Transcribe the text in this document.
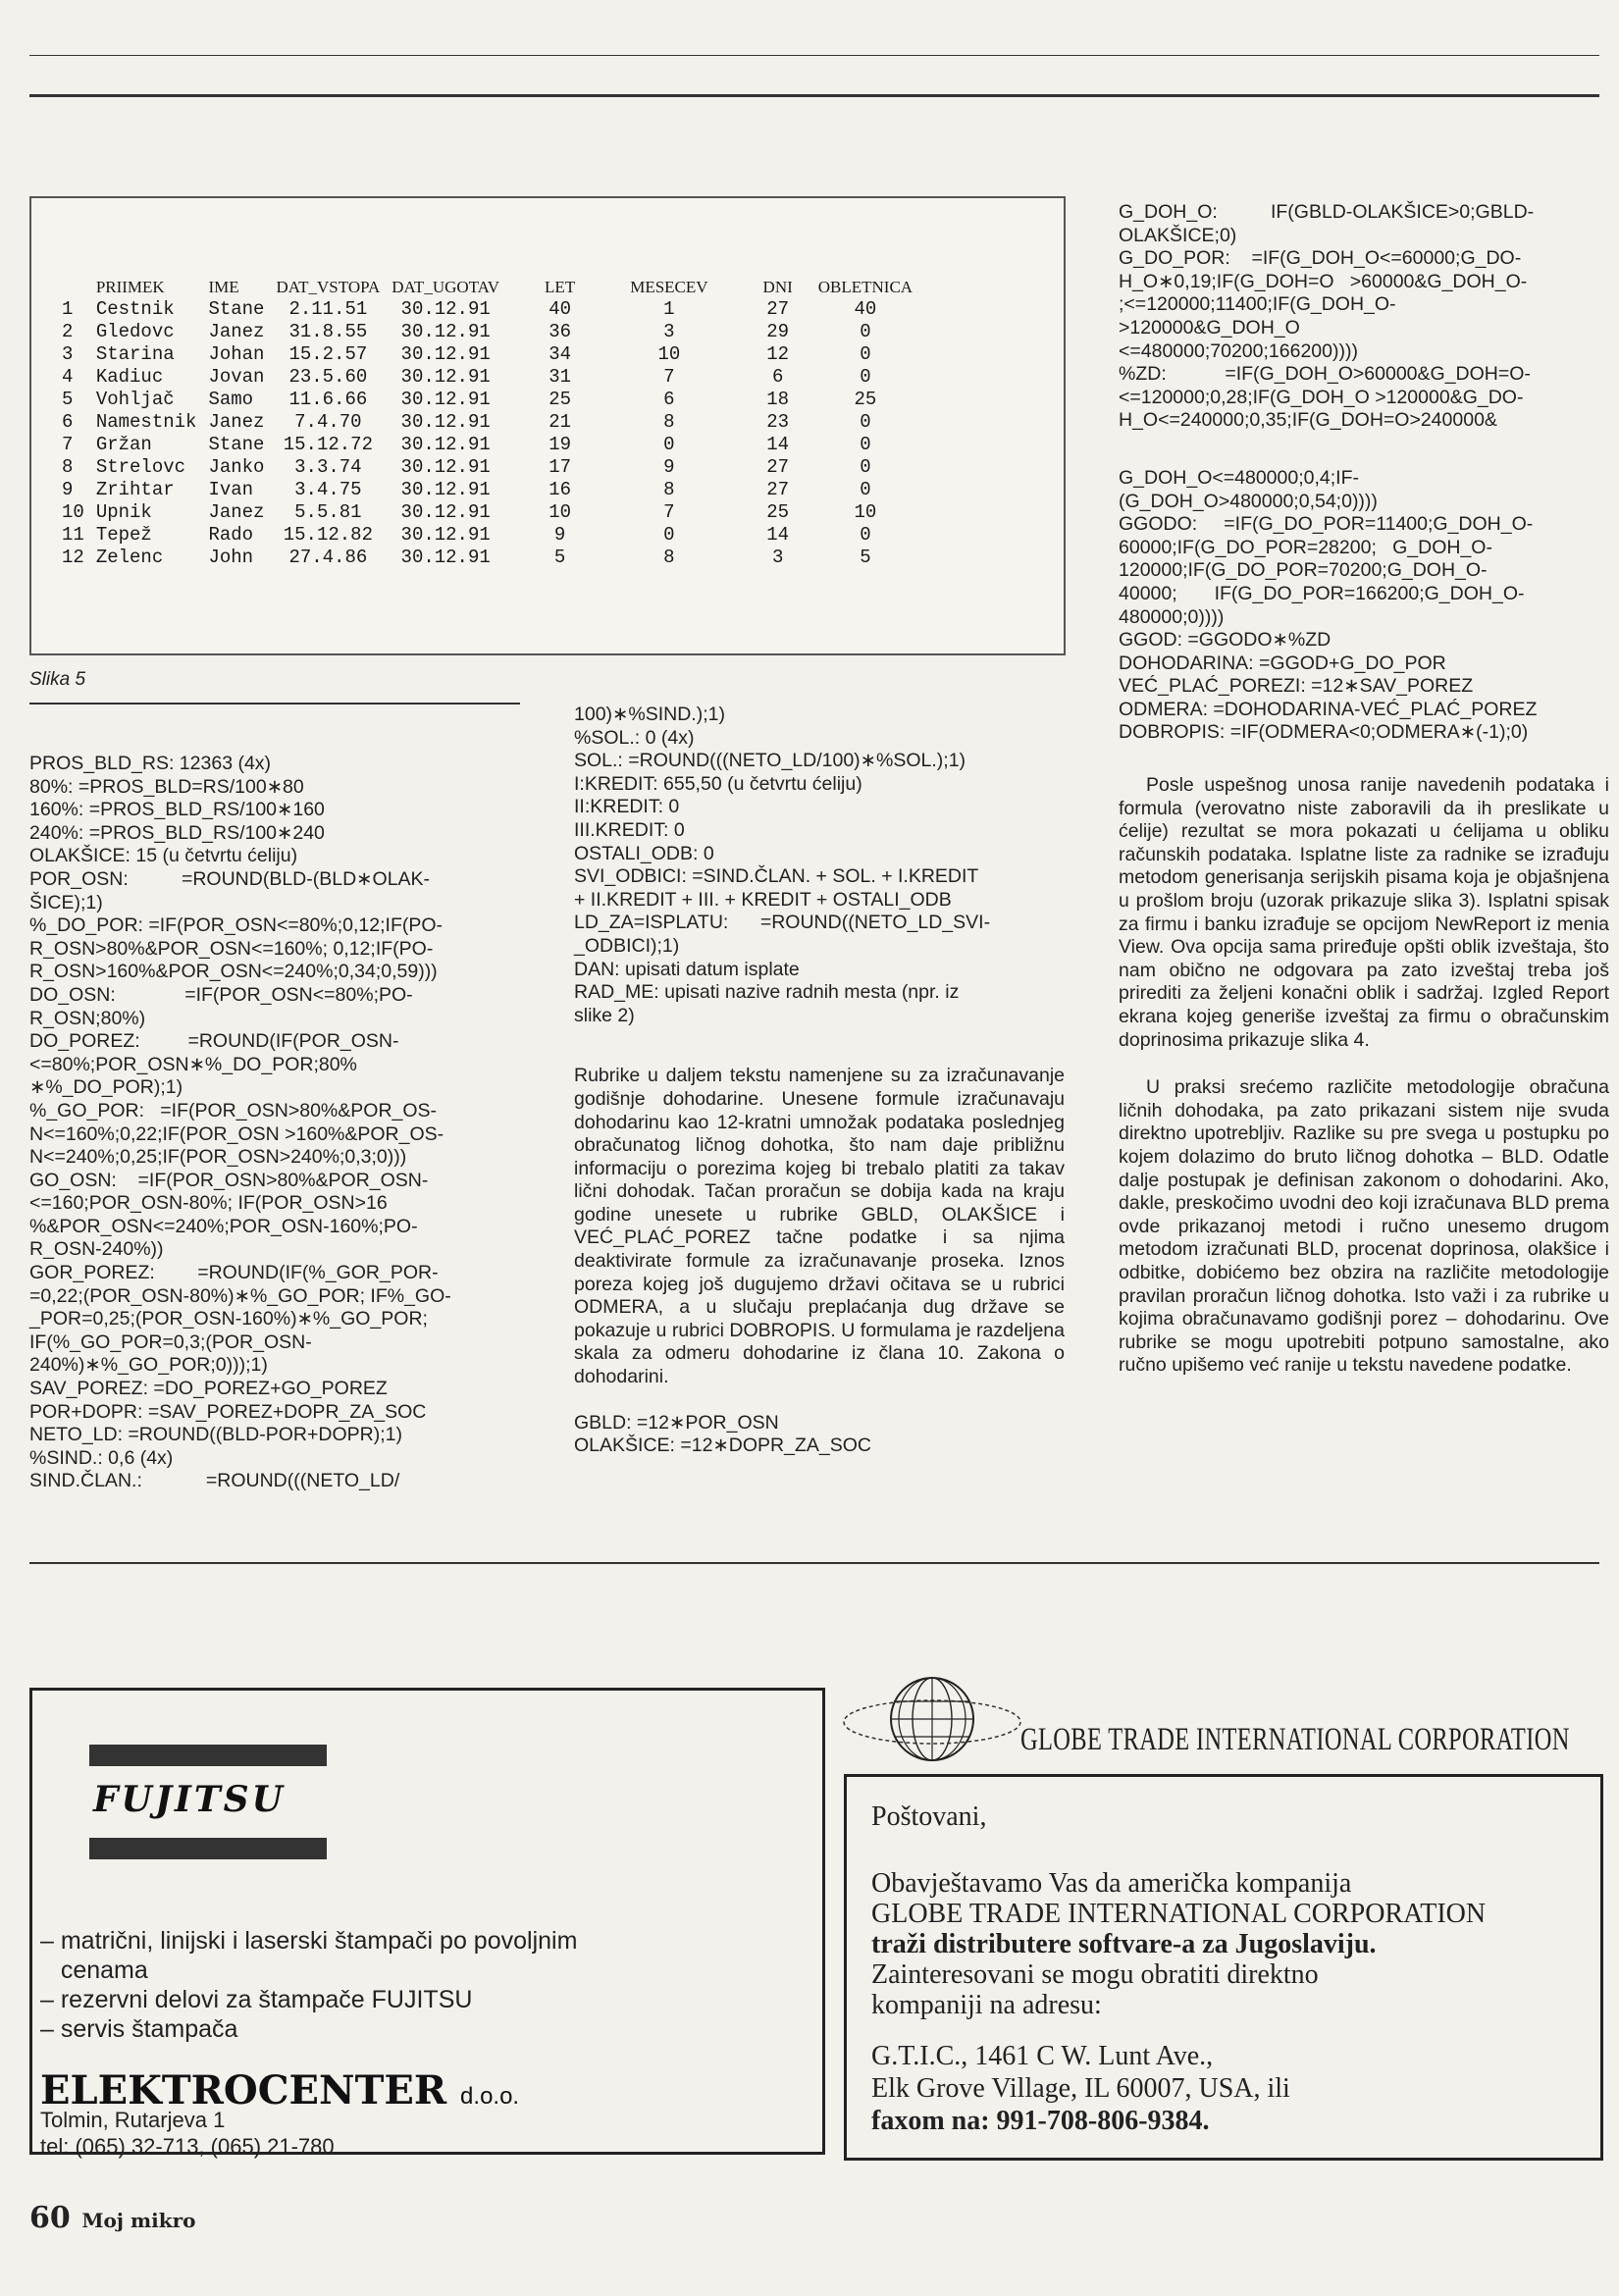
	PRIIMEK	IME	DAT_VSTOPA	DAT_UGOTAV	LET	MESECEV	DNI	OBLETNICA
1	Cestnik	Stane	2.11.51	30.12.91	40	1	27	40
2	Gledovc	Janez	31.8.55	30.12.91	36	3	29	0
3	Starina	Johan	15.2.57	30.12.91	34	10	12	0
4	Kadiuc	Jovan	23.5.60	30.12.91	31	7	6	0
5	Vohljač	Samo	11.6.66	30.12.91	25	6	18	25
6	Namestnik	Janez	7.4.70	30.12.91	21	8	23	0
7	Gržan	Stane	15.12.72	30.12.91	19	0	14	0
8	Strelovc	Janko	3.3.74	30.12.91	17	9	27	0
9	Zrihtar	Ivan	3.4.75	30.12.91	16	8	27	0
10	Upnik	Janez	5.5.81	30.12.91	10	7	25	10
11	Tepež	Rado	15.12.82	30.12.91	9	0	14	0
12	Zelenc	John	27.4.86	30.12.91	5	8	3	5
Slika 5
PROS_BLD_RS: 12363 (4x)
80%: =PROS_BLD=RS/100∗80
160%: =PROS_BLD_RS/100∗160
240%: =PROS_BLD_RS/100∗240
OLAKŠICE: 15 (u četvrtu ćeliju)
POR_OSN:          =ROUND(BLD-(BLD∗OLAK-
ŠICE);1)
%_DO_POR: =IF(POR_OSN<=80%;0,12;IF(PO-
R_OSN>80%&POR_OSN<=160%; 0,12;IF(PO-
R_OSN>160%&POR_OSN<=240%;0,34;0,59)))
DO_OSN:             =IF(POR_OSN<=80%;PO-
R_OSN;80%)
DO_POREZ:         =ROUND(IF(POR_OSN-
<=80%;POR_OSN∗%_DO_POR;80%
∗%_DO_POR);1)
%_GO_POR:   =IF(POR_OSN>80%&POR_OS-
N<=160%;0,22;IF(POR_OSN >160%&POR_OS-
N<=240%;0,25;IF(POR_OSN>240%;0,3;0)))
GO_OSN:    =IF(POR_OSN>80%&POR_OSN-
<=160;POR_OSN-80%; IF(POR_OSN>16
%&POR_OSN<=240%;POR_OSN-160%;PO-
R_OSN-240%))
GOR_POREZ:        =ROUND(IF(%_GOR_POR-
=0,22;(POR_OSN-80%)∗%_GO_POR; IF%_GO-
_POR=0,25;(POR_OSN-160%)∗%_GO_POR;
IF(%_GO_POR=0,3;(POR_OSN-
240%)∗%_GO_POR;0)));1)
SAV_POREZ: =DO_POREZ+GO_POREZ
POR+DOPR: =SAV_POREZ+DOPR_ZA_SOC
NETO_LD: =ROUND((BLD-POR+DOPR);1)
%SIND.: 0,6 (4x)
SIND.ČLAN.:            =ROUND(((NETO_LD/
100)∗%SIND.);1)
%SOL.: 0 (4x)
SOL.: =ROUND(((NETO_LD/100)∗%SOL.);1)
I:KREDIT: 655,50 (u četvrtu ćeliju)
II:KREDIT: 0
III.KREDIT: 0
OSTALI_ODB: 0
SVI_ODBICI: =SIND.ČLAN. + SOL. + I.KREDIT
+ II.KREDIT + III. + KREDIT + OSTALI_ODB
LD_ZA=ISPLATU:      =ROUND((NETO_LD_SVI-
_ODBICI);1)
DAN: upisati datum isplate
RAD_ME: upisati nazive radnih mesta (npr. iz
slike 2)
Rubrike u daljem tekstu namenjene su za izračunavanje godišnje dohodarine. Unesene formule izračunavaju dohodarinu kao 12-kratni umnožak podataka poslednjeg obračunatog ličnog dohotka, što nam daje približnu informaciju o porezima kojeg bi trebalo platiti za takav lični dohodak. Tačan proračun se dobija kada na kraju godine unesete u rubrike GBLD, OLAKŠICE i VEĆ_PLAĆ_POREZ tačne podatke i sa njima deaktivirate formule za izračunavanje proseka. Iznos poreza kojeg još dugujemo državi očitava se u rubrici ODMERA, a u slučaju preplaćanja dug države se pokazuje u rubrici DOBROPIS. U formulama je razdeljena skala za odmeru dohodarine iz člana 10. Zakona o dohodarini.
GBLD: =12∗POR_OSN
OLAKŠICE: =12∗DOPR_ZA_SOC
G_DOH_O:          IF(GBLD-OLAKŠICE>0;GBLD-
OLAKŠICE;0)
G_DO_POR:    =IF(G_DOH_O<=60000;G_DO-
H_O∗0,19;IF(G_DOH=O   >60000&G_DOH_O-
;<=120000;11400;IF(G_DOH_O-
>120000&G_DOH_O
<=480000;70200;166200))))
%ZD:           =IF(G_DOH_O>60000&G_DOH=O-
<=120000;0,28;IF(G_DOH_O >120000&G_DO-
H_O<=240000;0,35;IF(G_DOH=O>240000&
G_DOH_O<=480000;0,4;IF-
(G_DOH_O>480000;0,54;0))))
GGODO:     =IF(G_DO_POR=11400;G_DOH_O-
60000;IF(G_DO_POR=28200;   G_DOH_O-
120000;IF(G_DO_POR=70200;G_DOH_O-
40000;       IF(G_DO_POR=166200;G_DOH_O-
480000;0))))
GGOD: =GGODO∗%ZD
DOHODARINA: =GGOD+G_DO_POR
VEĆ_PLAĆ_POREZI: =12∗SAV_POREZ
ODMERA: =DOHODARINA-VEĆ_PLAĆ_POREZ
DOBROPIS: =IF(ODMERA<0;ODMERA∗(-1);0)
Posle uspešnog unosa ranije navedenih podataka i formula (verovatno niste zaboravili da ih preslikate u ćelije) rezultat se mora pokazati u ćelijama u obliku računskih podataka. Isplatne liste za radnike se izrađuju metodom generisanja serijskih pisama koja je objašnjena u prošlom broju (uzorak prikazuje slika 3). Isplatni spisak za firmu i banku izrađuje se opcijom NewReport iz menia View. Ova opcija sama priređuje opšti oblik izveštaja, što nam obično ne odgovara pa zato izveštaj treba još prirediti za željeni konačni oblik i sadržaj. Izgled Report ekrana kojeg generiše izveštaj za firmu o obračunskim doprinosima prikazuje slika 4.
U praksi srećemo različite metodologije obračuna ličnih dohodaka, pa zato prikazani sistem nije svuda direktno upotrebljiv. Razlike su pre svega u postupku po kojem dolazimo do bruto ličnog dohotka – BLD. Odatle dalje postupak je definisan zakonom o dohodarini. Ako, dakle, preskočimo uvodni deo koji izračunava BLD prema ovde prikazanoj metodi i ručno unesemo drugom metodom izračunati BLD, procenat doprinosa, olakšice i odbitke, dobićemo bez obzira na različite metodologije pravilan proračun ličnog dohotka. Isto važi i za rubrike u kojima obračunavamo godišnji porez – dohodarinu. Ove rubrike se mogu upotrebiti potpuno samostalne, ako ručno upišemo već ranije u tekstu navedene podatke.
FUJITSU
– matrični, linijski i laserski štampači po povoljnim
cenama
– rezervni delovi za štampače FUJITSU
– servis štampača
ELEKTROCENTER d.o.o.
Tolmin, Rutarjeva 1
tel: (065) 32-713, (065) 21-780
GLOBE TRADE INTERNATIONAL CORPORATION
Poštovani,
Obavještavamo Vas da američka kompanija
GLOBE TRADE INTERNATIONAL CORPORATION
traži distributere softvare-a za Jugoslaviju.
Zainteresovani se mogu obratiti direktno
kompaniji na adresu:
G.T.I.C., 1461 C W. Lunt Ave.,
Elk Grove Village, IL 60007, USA, ili
faxom na: 991-708-806-9384.
60 Moj mikro
